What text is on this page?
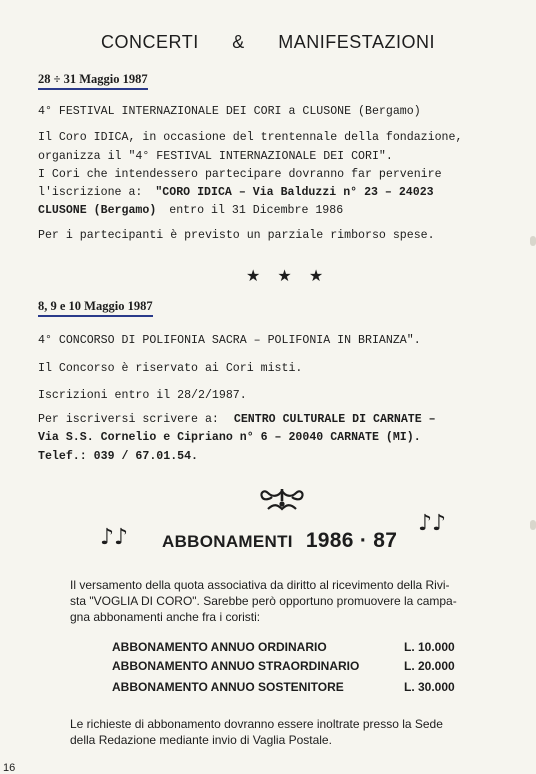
CONCERTI & MANIFESTAZIONI
28 ÷ 31 Maggio 1987
4° FESTIVAL INTERNAZIONALE DEI CORI a CLUSONE (Bergamo)
Il Coro IDICA, in occasione del trentennale della fondazione,
organizza il "4° FESTIVAL INTERNAZIONALE DEI CORI".
I Cori che intendessero partecipare dovranno far pervenire
l'iscrizione a: "CORO IDICA – Via Balduzzi n° 23 – 24023
CLUSONE (Bergamo) entro il 31 Dicembre 1986
Per i partecipanti è previsto un parziale rimborso spese.
★ ★ ★
8, 9 e 10 Maggio 1987
4° CONCORSO DI POLIFONIA SACRA – POLIFONIA IN BRIANZA".
Il Concorso è riservato ai Cori misti.
Iscrizioni entro il 28/2/1987.
Per iscriversi scrivere a: CENTRO CULTURALE DI CARNATE –
Via S.S. Cornelio e Cipriano n° 6 – 20040 CARNATE (MI).
Telef.: 039 / 67.01.54.
♪♪ ABBONAMENTI 1986 · 87
♪♪
Il versamento della quota associativa da diritto al ricevimento della Rivi-
sta "VOGLIA DI CORO". Sarebbe però opportuno promuovere la campa-
gna abbonamenti anche fra i coristi:
ABBONAMENTO ANNUO ORDINARIO	L. 10.000
ABBONAMENTO ANNUO STRAORDINARIO	L. 20.000
ABBONAMENTO ANNUO SOSTENITORE	L. 30.000
Le richieste di abbonamento dovranno essere inoltrate presso la Sede
della Redazione mediante invio di Vaglia Postale.
16
